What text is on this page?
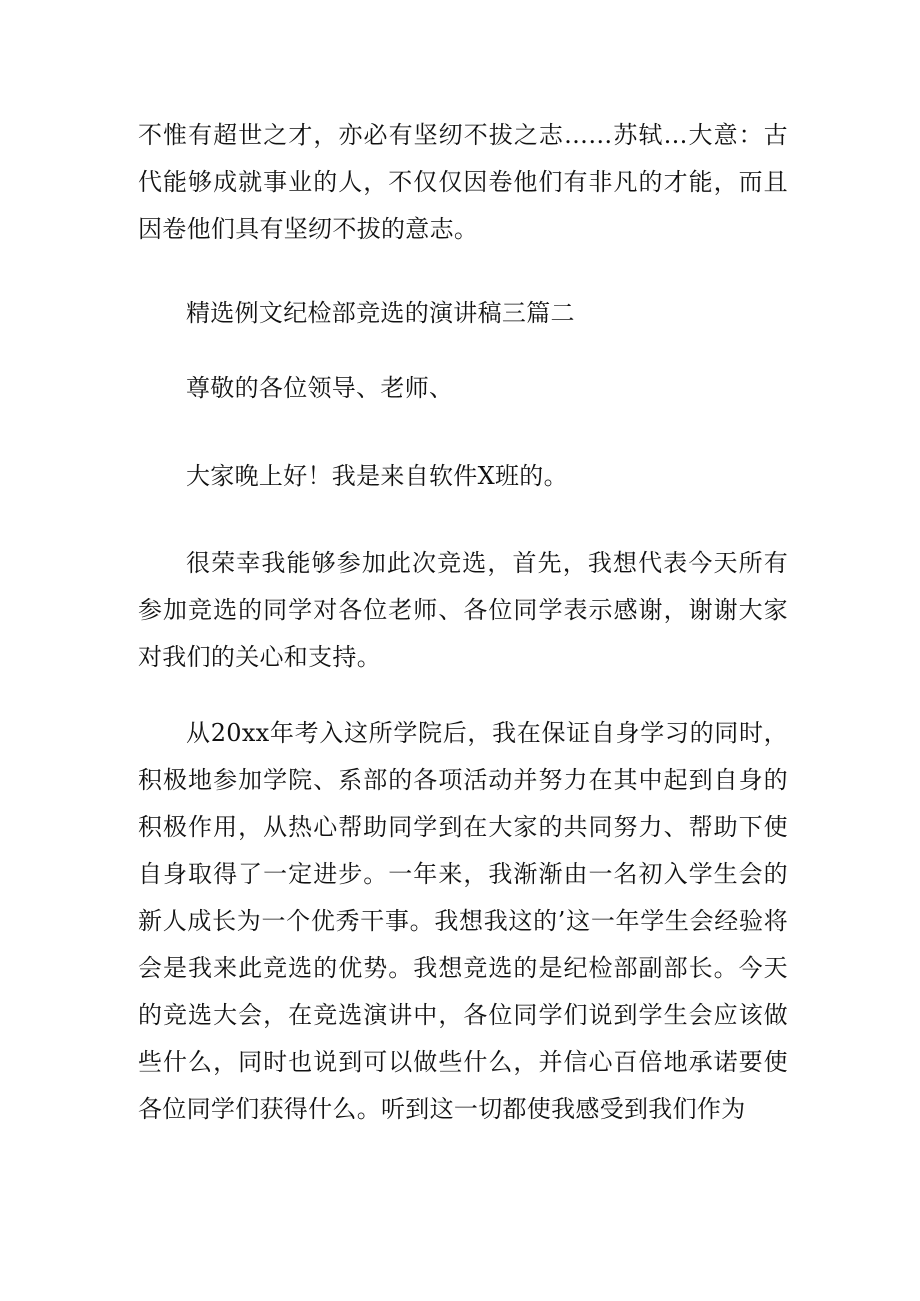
不惟有超世之才，亦必有坚纫不拔之志……苏轼…大意：古代能够成就事业的人，不仅仅因卷他们有非凡的才能，而且因卷他们具有坚纫不拔的意志。

精选例文纪检部竞选的演讲稿三篇二

尊敬的各位领导、老师、

大家晚上好！我是来自软件X班的。

很荣幸我能够参加此次竞选，首先，我想代表今天所有参加竞选的同学对各位老师、各位同学表示感谢，谢谢大家对我们的关心和支持。

从20xx年考入这所学院后，我在保证自身学习的同时，积极地参加学院、系部的各项活动并努力在其中起到自身的积极作用，从热心帮助同学到在大家的共同努力、帮助下使自身取得了一定进步。一年来，我渐渐由一名初入学生会的新人成长为一个优秀干事。我想我这的’这一年学生会经验将会是我来此竞选的优势。我想竞选的是纪检部副部长。今天的竞选大会，在竞选演讲中，各位同学们说到学生会应该做些什么，同时也说到可以做些什么，并信心百倍地承诺要使各位同学们获得什么。听到这一切都使我感受到我们作为
